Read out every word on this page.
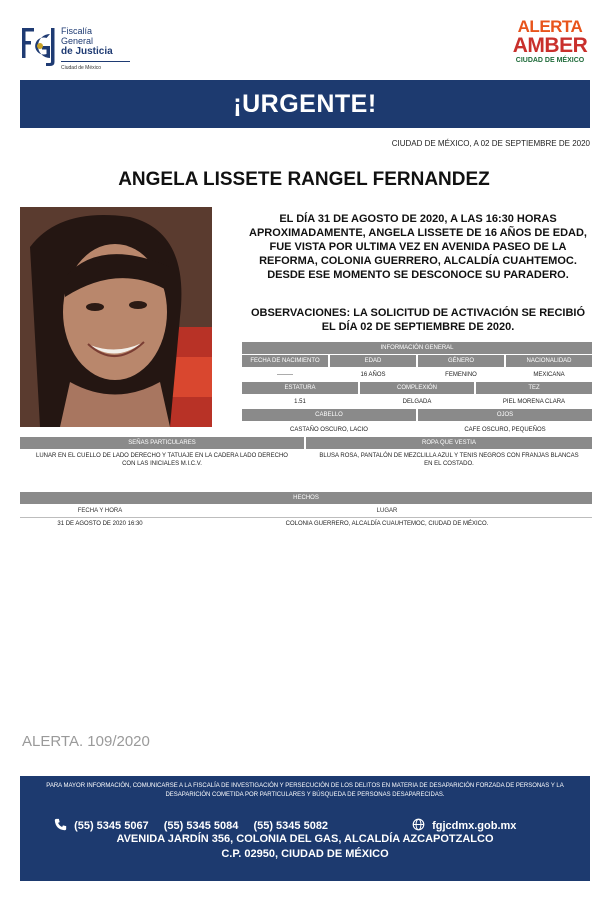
Fiscalía
General
de Justicia
Ciudad de México
ALERTA
AMBER
CIUDAD DE MÉXICO
¡URGENTE!
CIUDAD DE MÉXICO, A 02 DE SEPTIEMBRE DE 2020
ANGELA LISSETE RANGEL FERNANDEZ
EL DÍA 31 DE AGOSTO DE 2020, A LAS 16:30 HORAS APROXIMADAMENTE, ANGELA LISSETE DE 16 AÑOS DE EDAD, FUE VISTA POR ULTIMA VEZ EN AVENIDA PASEO DE LA REFORMA, COLONIA GUERRERO, ALCALDÍA CUAHTEMOC. DESDE ESE MOMENTO SE DESCONOCE SU PARADERO.
OBSERVACIONES: LA SOLICITUD DE ACTIVACIÓN SE RECIBIÓ EL DÍA 02 DE SEPTIEMBRE DE 2020.
INFORMACIÓN GENERAL
FECHA DE NACIMIENTO	EDAD	GÉNERO	NACIONALIDAD
--------	16 AÑOS	FEMENINO	MEXICANA
ESTATURA	COMPLEXIÓN	TEZ
1.51	DELGADA	PIEL MORENA CLARA
CABELLO	OJOS
CASTAÑO OSCURO, LACIO	CAFE OSCURO, PEQUEÑOS
SEÑAS PARTICULARES	ROPA QUE VESTIA
LUNAR EN EL CUELLO DE LADO DERECHO Y TATUAJE EN LA CADERA LADO DERECHO CON LAS INICIALES M.I.C.V.
BLUSA ROSA, PANTALÓN DE MEZCLILLA AZUL Y TENIS NEGROS CON FRANJAS BLANCAS EN EL COSTADO.
HECHOS
FECHA Y HORA	LUGAR
31 DE AGOSTO DE 2020 16:30	COLONIA GUERRERO, ALCALDÍA CUAUHTEMOC, CIUDAD DE MÉXICO.
ALERTA. 109/2020
PARA MAYOR INFORMACIÓN, COMUNICARSE A LA FISCALÍA DE INVESTIGACIÓN Y PERSECUCIÓN DE LOS DELITOS EN MATERIA DE DESAPARICIÓN FORZADA DE PERSONAS Y LA DESAPARICIÓN COMETIDA POR PARTICULARES Y BÚSQUEDA DE PERSONAS DESAPARECIDAS.
(55) 5345 5067 (55) 5345 5084 (55) 5345 5082	fgjcdmx.gob.mx
AVENIDA JARDÍN 356, COLONIA DEL GAS, ALCALDÍA AZCAPOTZALCO
C.P. 02950, CIUDAD DE MÉXICO
